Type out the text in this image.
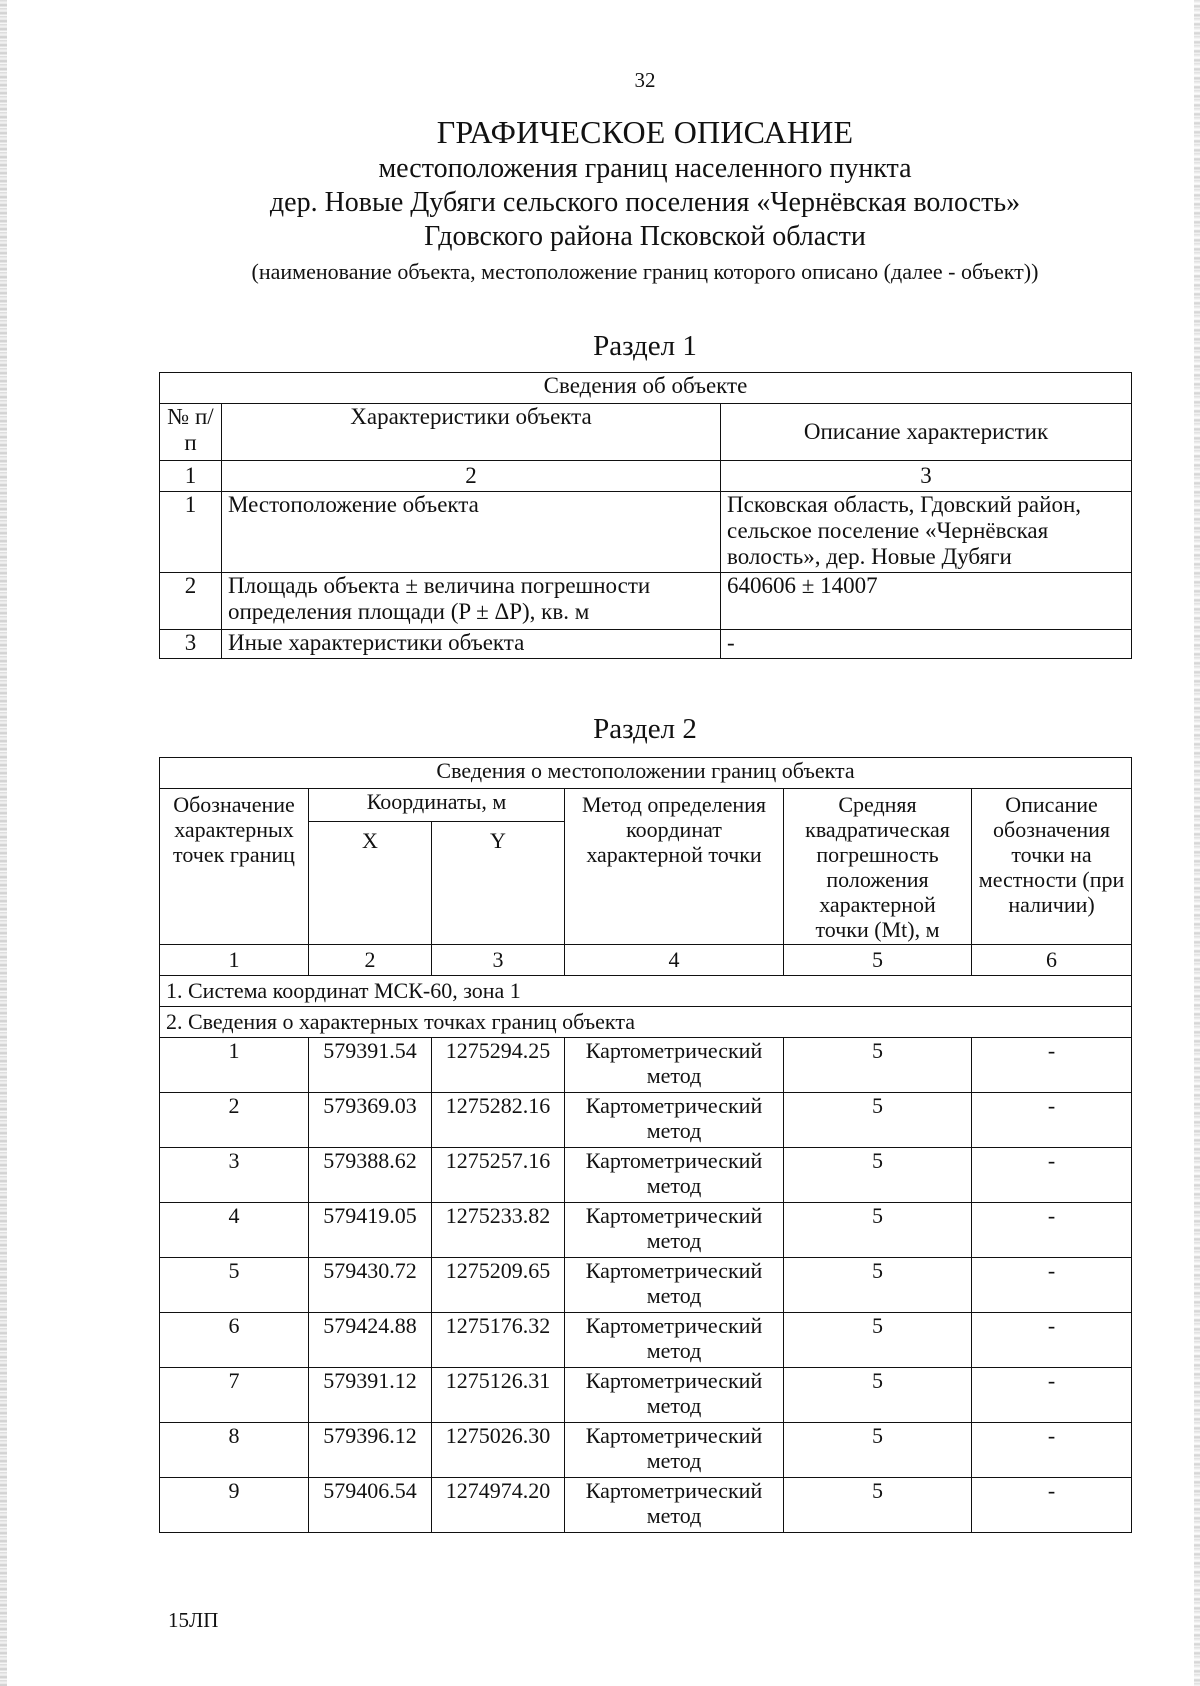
32
ГРАФИЧЕСКОЕ ОПИСАНИЕ
местоположения границ населенного пункта
дер. Новые Дубяги сельского поселения «Чернёвская волость»
Гдовского района Псковской области
(наименование объекта, местоположение границ которого описано (далее - объект))
Раздел 1
Сведения об объекте		
№ п/п	Характеристики объекта	Описание характеристик
1	2	3
1	Местоположение объекта	Псковская область, Гдовский район, сельское поселение «Чернёвская волость», дер. Новые Дубяги
2	Площадь объекта ± величина погрешности определения площади (P ± ΔP), кв. м	640606 ± 14007
3	Иные характеристики объекта	-
Раздел 2
Сведения о местоположении границ объекта					
Обозначение характерных точек границ	Координаты, м		Метод определения координат характерной точки	Средняя квадратическая погрешность положения характерной точки (Mt), м	Описание обозначения точки на местности (при наличии)
	X	Y			
1	2	3	4	5	6
1. Система координат МСК-60, зона 1					
2. Сведения о характерных точках границ объекта					
1	579391.54	1275294.25	Картометрический метод	5	-
2	579369.03	1275282.16	Картометрический метод	5	-
3	579388.62	1275257.16	Картометрический метод	5	-
4	579419.05	1275233.82	Картометрический метод	5	-
5	579430.72	1275209.65	Картометрический метод	5	-
6	579424.88	1275176.32	Картометрический метод	5	-
7	579391.12	1275126.31	Картометрический метод	5	-
8	579396.12	1275026.30	Картометрический метод	5	-
9	579406.54	1274974.20	Картометрический метод	5	-
15ЛП
